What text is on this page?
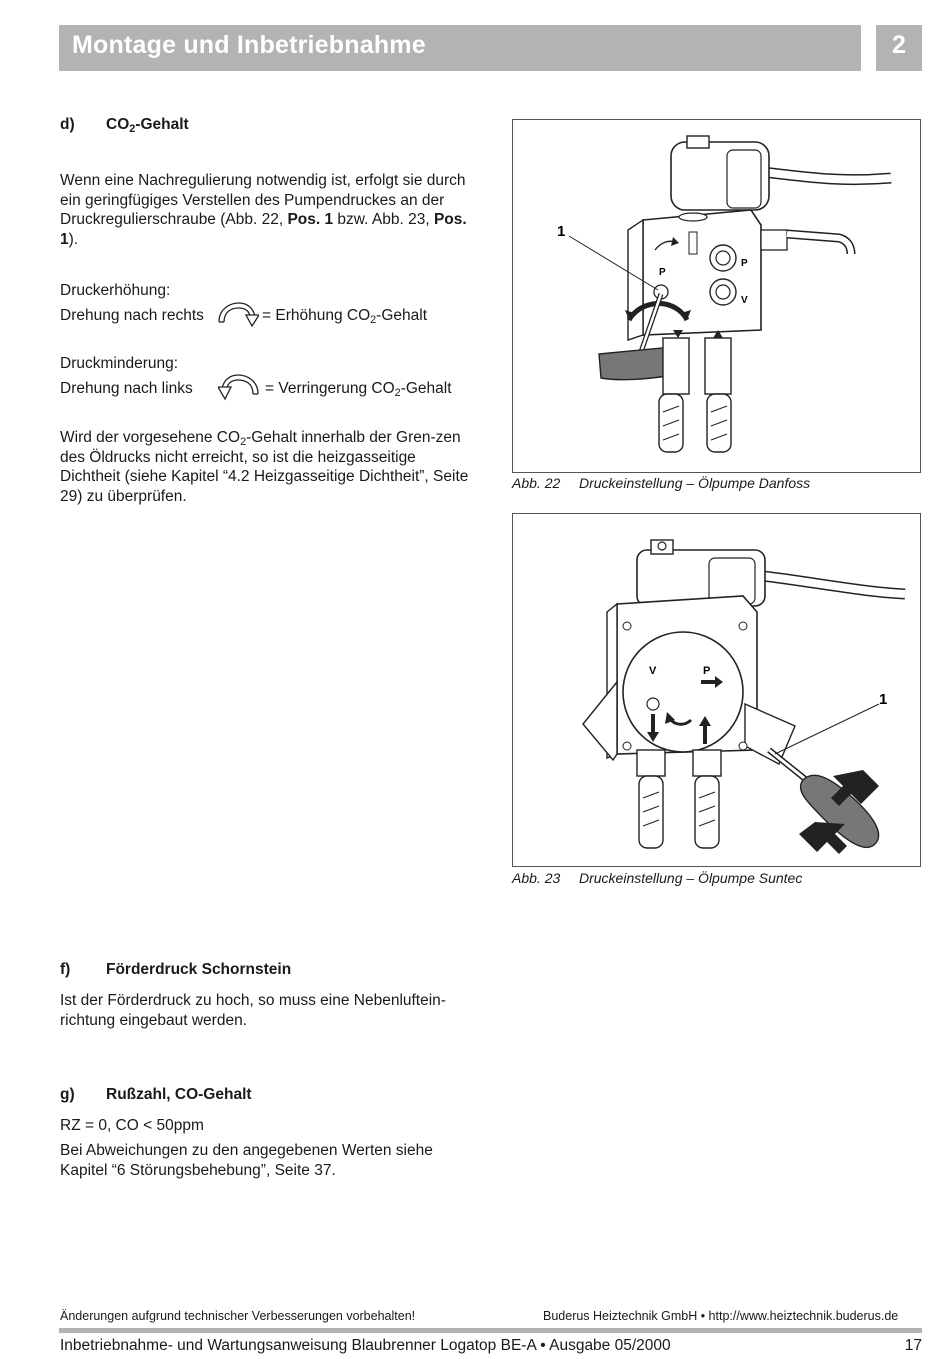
Montage und Inbetriebnahme	2
d) $CO_2$-Gehalt
Wenn eine Nachregulierung notwendig ist, erfolgt sie durch ein geringfügiges Verstellen des Pumpendruckes an der Druckregulierschraube (Abb. 22, Pos. 1 bzw. Abb. 23, Pos. 1).
Druckerhöhung:
Drehung nach rechts	= Erhöhung $CO_2$-Gehalt
Druckminderung:
Drehung nach links	= Verringerung $CO_2$-Gehalt
Wird der vorgesehene $CO_2$-Gehalt innerhalb der Gren-zen des Öldrucks nicht erreicht, so ist die heizgasseitige Dichtheit (siehe Kapitel “4.2 Heizgasseitige Dichtheit”, Seite 29) zu überprüfen.
P
V
P
1
Abb. 22 Druckeinstellung – Ölpumpe Danfoss
V	P
1
Abb. 23 Druckeinstellung – Ölpumpe Suntec
f) Förderdruck Schornstein
Ist der Förderdruck zu hoch, so muss eine Nebenluftein-richtung eingebaut werden.
g) Rußzahl, CO-Gehalt
RZ = 0, CO < 50ppm
Bei Abweichungen zu den angegebenen Werten siehe Kapitel “6 Störungsbehebung”, Seite 37.
Änderungen aufgrund technischer Verbesserungen vorbehalten!	Buderus Heiztechnik GmbH • http://www.heiztechnik.buderus.de
Inbetriebnahme- und Wartungsanweisung Blaubrenner Logatop BE-A • Ausgabe 05/2000	17
